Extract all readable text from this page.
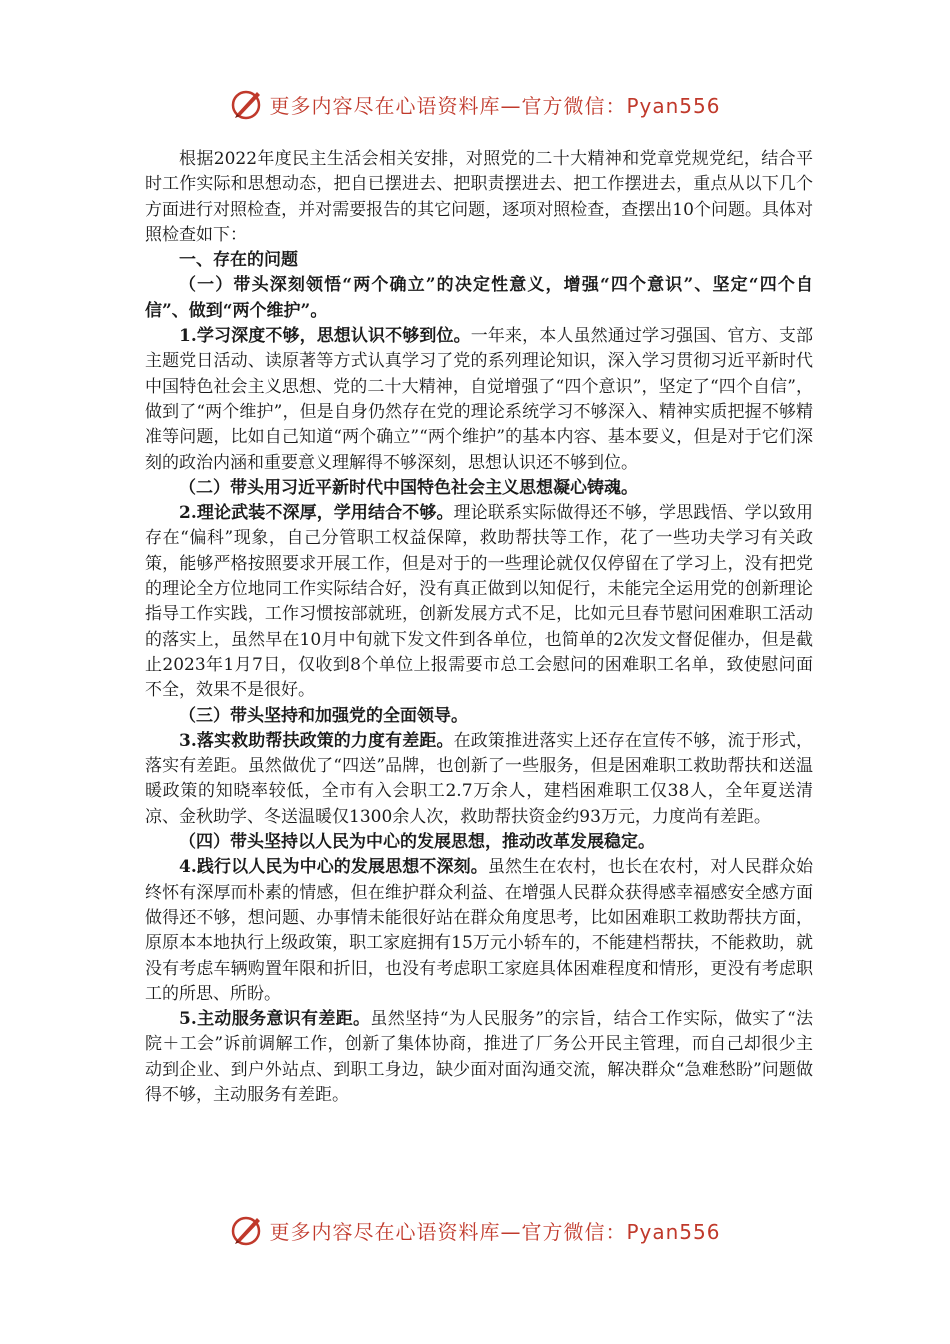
更多内容尽在心语资料库—官方微信：Pyan556

根据2022年度民主生活会相关安排，对照党的二十大精神和党章党规党纪，结合平时工作实际和思想动态，把自已摆进去、把职责摆进去、把工作摆进去，重点从以下几个方面进行对照检查，并对需要报告的其它问题，逐项对照检查，查摆出10个问题。具体对照检查如下：

一、存在的问题

（一）带头深刻领悟“两个确立”的决定性意义，增强“四个意识”、坚定“四个自信”、做到“两个维护”。

1.学习深度不够，思想认识不够到位。一年来，本人虽然通过学习强国、官方、支部主题党日活动、读原著等方式认真学习了党的系列理论知识，深入学习贯彻习近平新时代中国特色社会主义思想、党的二十大精神，自觉增强了“四个意识”，坚定了“四个自信”，做到了“两个维护”，但是自身仍然存在党的理论系统学习不够深入、精神实质把握不够精准等问题，比如自己知道“两个确立”“两个维护”的基本内容、基本要义，但是对于它们深刻的政治内涵和重要意义理解得不够深刻，思想认识还不够到位。

（二）带头用习近平新时代中国特色社会主义思想凝心铸魂。

2.理论武装不深厚，学用结合不够。理论联系实际做得还不够，学思践悟、学以致用存在“偏科”现象，自己分管职工权益保障，救助帮扶等工作，花了一些功夫学习有关政策，能够严格按照要求开展工作，但是对于的一些理论就仅仅停留在了学习上，没有把党的理论全方位地同工作实际结合好，没有真正做到以知促行，未能完全运用党的创新理论指导工作实践，工作习惯按部就班，创新发展方式不足，比如元旦春节慰问困难职工活动的落实上，虽然早在10月中旬就下发文件到各单位，也简单的2次发文督促催办，但是截止2023年1月7日，仅收到8个单位上报需要市总工会慰问的困难职工名单，致使慰问面不全，效果不是很好。

（三）带头坚持和加强党的全面领导。

3.落实救助帮扶政策的力度有差距。在政策推进落实上还存在宣传不够，流于形式，落实有差距。虽然做优了“四送”品牌，也创新了一些服务，但是困难职工救助帮扶和送温暖政策的知晓率较低，全市有入会职工2.7万余人，建档困难职工仅38人，全年夏送清凉、金秋助学、冬送温暖仅1300余人次，救助帮扶资金约93万元，力度尚有差距。

（四）带头坚持以人民为中心的发展思想，推动改革发展稳定。

4.践行以人民为中心的发展思想不深刻。虽然生在农村，也长在农村，对人民群众始终怀有深厚而朴素的情感，但在维护群众利益、在增强人民群众获得感幸福感安全感方面做得还不够，想问题、办事情未能很好站在群众角度思考，比如困难职工救助帮扶方面，原原本本地执行上级政策，职工家庭拥有15万元小轿车的，不能建档帮扶，不能救助，就没有考虑车辆购置年限和折旧，也没有考虑职工家庭具体困难程度和情形，更没有考虑职工的所思、所盼。

5.主动服务意识有差距。虽然坚持“为人民服务”的宗旨，结合工作实际，做实了“法院＋工会”诉前调解工作，创新了集体协商，推进了厂务公开民主管理，而自己却很少主动到企业、到户外站点、到职工身边，缺少面对面沟通交流，解决群众“急难愁盼”问题做得不够，主动服务有差距。

更多内容尽在心语资料库—官方微信：Pyan556
